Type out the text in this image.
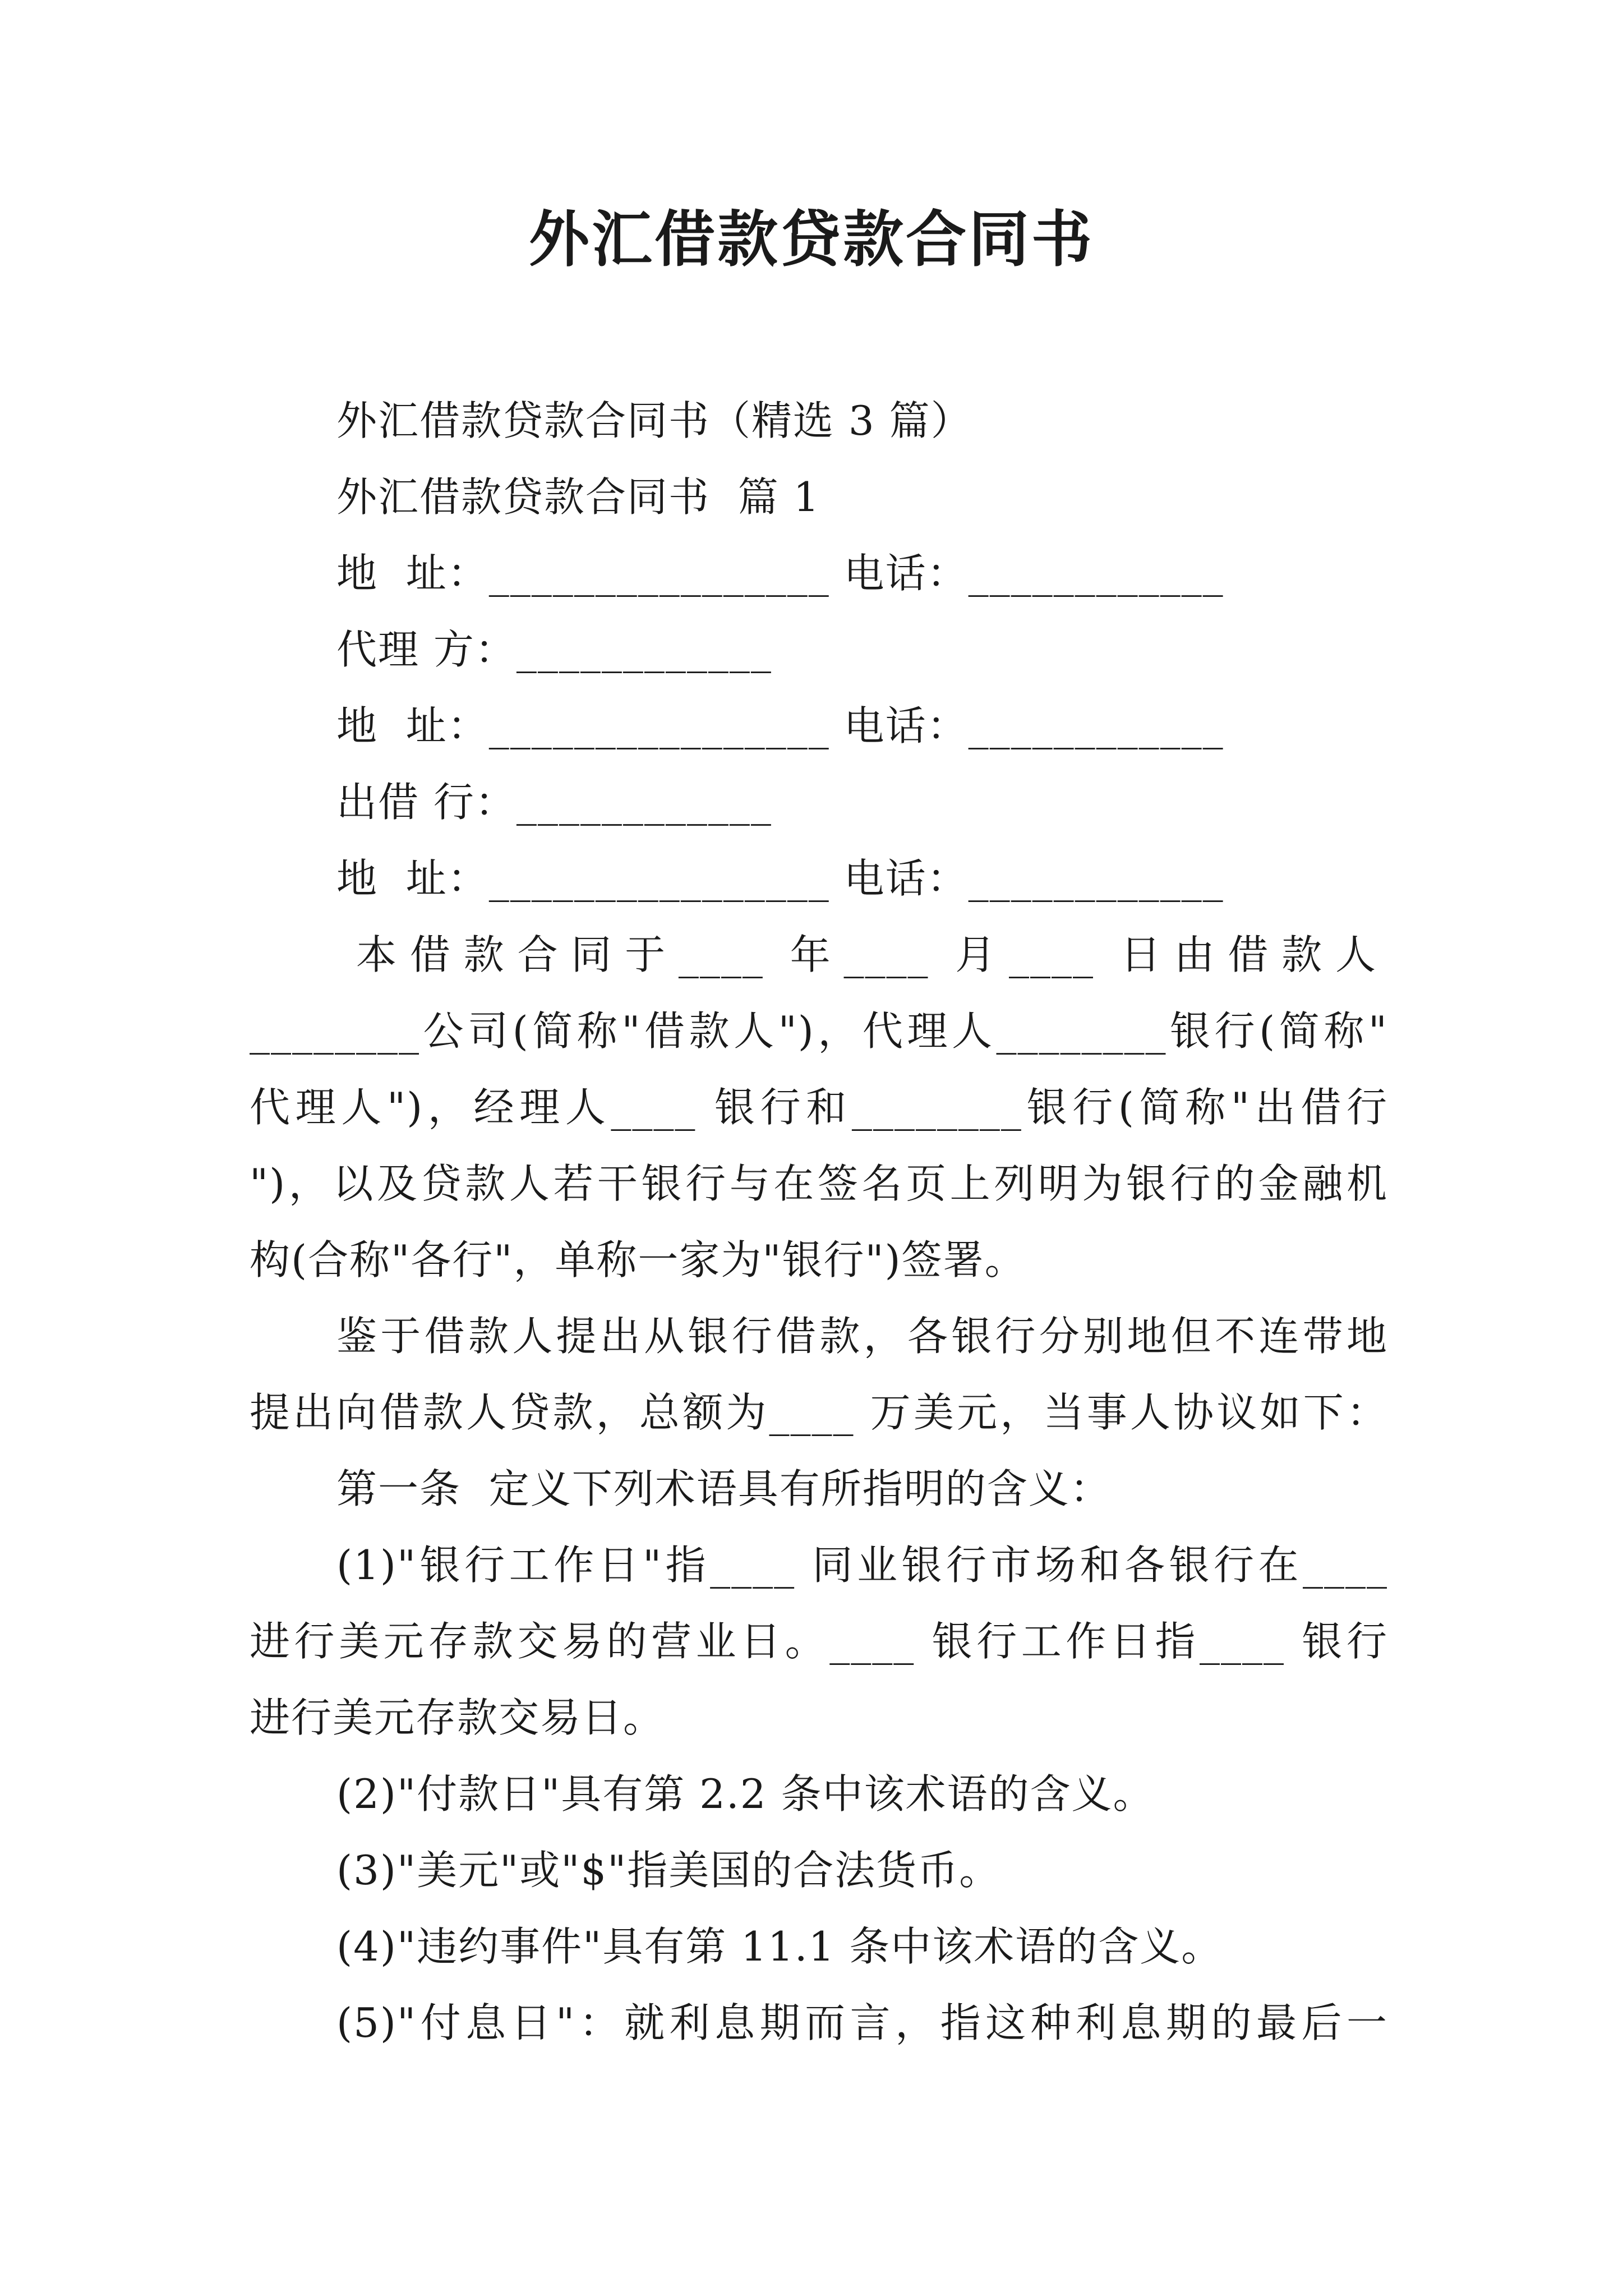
外汇借款贷款合同书
外汇借款贷款合同书（精选 3 篇）
外汇借款贷款合同书  篇 1
地  址：________________ 电话：____________
代理 方：____________
地  址：________________ 电话：____________
出借 行：____________
地  址：________________ 电话：____________
本借款合同于____ 年____ 月____ 日由借款人
________公司(简称"借款人")，代理人________银行(简称"
代理人")，经理人____ 银行和________银行(简称"出借行
")，以及贷款人若干银行与在签名页上列明为银行的金融机
构(合称"各行"，单称一家为"银行")签署。
鉴于借款人提出从银行借款，各银行分别地但不连带地
提出向借款人贷款，总额为____ 万美元，当事人协议如下：
第一条  定义下列术语具有所指明的含义：
(1)"银行工作日"指____ 同业银行市场和各银行在____
进行美元存款交易的营业日。____ 银行工作日指____ 银行
进行美元存款交易日。
(2)"付款日"具有第 2.2 条中该术语的含义。
(3)"美元"或"$"指美国的合法货币。
(4)"违约事件"具有第 11.1 条中该术语的含义。
(5)"付息日"：就利息期而言，指这种利息期的最后一
